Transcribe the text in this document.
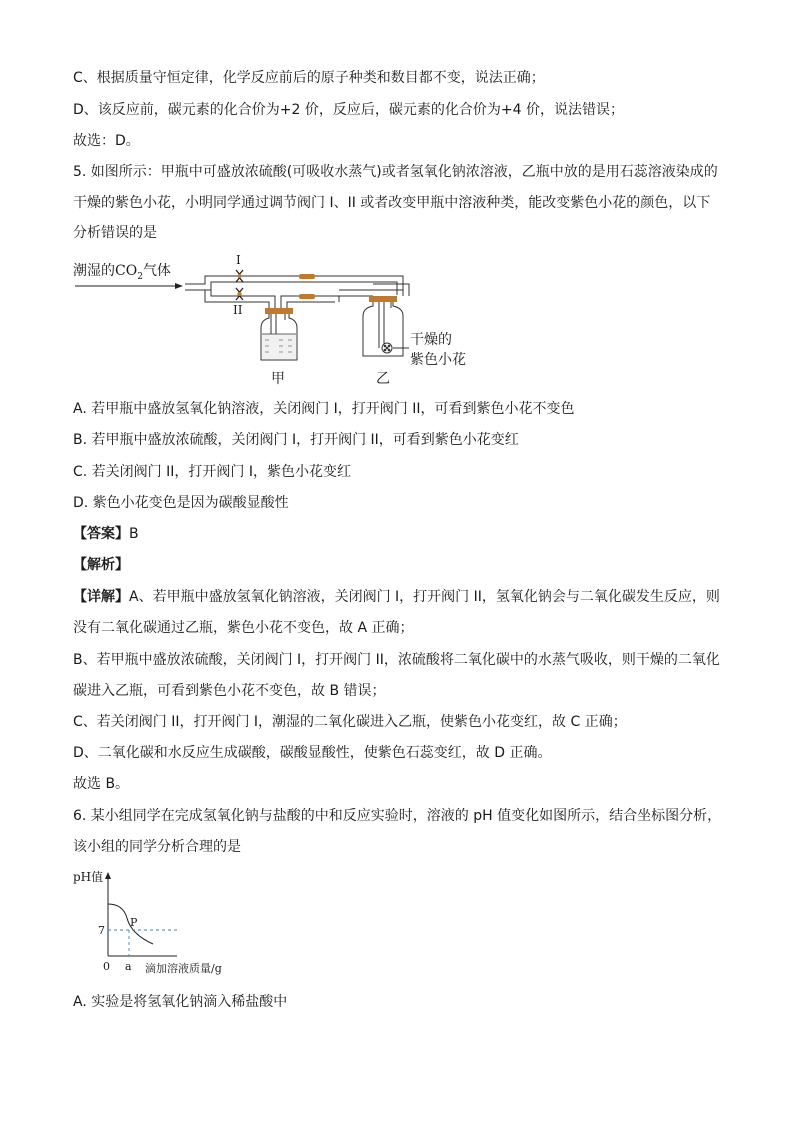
C、根据质量守恒定律，化学反应前后的原子种类和数目都不变，说法正确；
D、该反应前，碳元素的化合价为+2 价，反应后，碳元素的化合价为+4 价，说法错误；
故选：D。
5. 如图所示：甲瓶中可盛放浓硫酸(可吸收水蒸气)或者氢氧化钠浓溶液，乙瓶中放的是用石蕊溶液染成的
干燥的紫色小花，小明同学通过调节阀门 I、II 或者改变甲瓶中溶液种类，能改变紫色小花的颜色，以下
分析错误的是
潮湿的$CO_2$气体
I
II
甲
干燥的
紫色小花
乙
A. 若甲瓶中盛放氢氧化钠溶液，关闭阀门 I，打开阀门 II，可看到紫色小花不变色
B. 若甲瓶中盛放浓硫酸，关闭阀门 I，打开阀门 II，可看到紫色小花变红
C. 若关闭阀门 II，打开阀门 I，紫色小花变红
D. 紫色小花变色是因为碳酸显酸性
【答案】B
【解析】
【详解】A、若甲瓶中盛放氢氧化钠溶液，关闭阀门 I，打开阀门 II，氢氧化钠会与二氧化碳发生反应，则
没有二氧化碳通过乙瓶，紫色小花不变色，故 A 正确；
B、若甲瓶中盛放浓硫酸，关闭阀门 I，打开阀门 II，浓硫酸将二氧化碳中的水蒸气吸收，则干燥的二氧化
碳进入乙瓶，可看到紫色小花不变色，故 B 错误；
C、若关闭阀门 II，打开阀门 I，潮湿的二氧化碳进入乙瓶，使紫色小花变红，故 C 正确；
D、二氧化碳和水反应生成碳酸，碳酸显酸性，使紫色石蕊变红，故 D 正确。
故选 B。
6. 某小组同学在完成氢氧化钠与盐酸的中和反应实验时，溶液的 pH 值变化如图所示，结合坐标图分析，
该小组的同学分析合理的是
pH值
P
7
0 a 滴加溶液质量/g
A. 实验是将氢氧化钠滴入稀盐酸中
